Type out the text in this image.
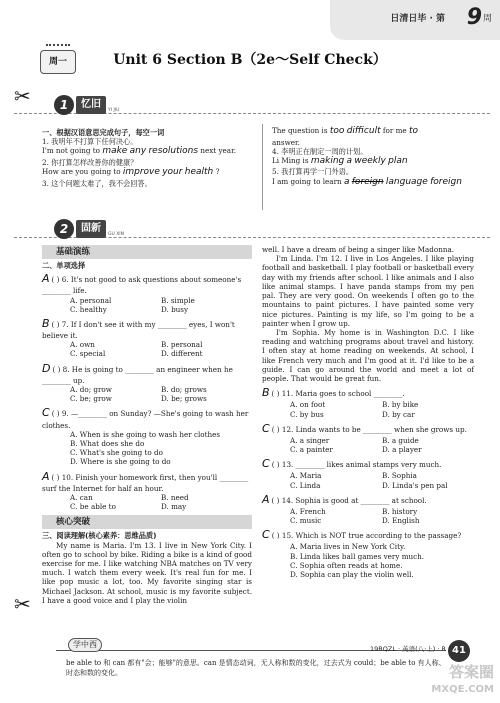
日清日毕 · 第 9 周
周一	Unit 6 Section B（2e～Self Check）
✂	1	忆旧
YI JIU
一、根据汉语意思完成句子，每空一词
1. 我明年不打算下任何决心。
I'm not going to make any resolutions next year.
2. 你打算怎样改善你的健康？
How are you going to improve your health ?
3. 这个问题太难了，我不会回答。
The question is too difficult for me to
answer.
4. 李明正在制定一周的计划。
Li Ming is making a weekly plan
5. 我打算再学一门外语。
I am going to learn a foreign language foreign
2	固新
GU XIN
基础演练
二、单项选择

A ( ) 6. It's not good to ask questions about someone's ________ life.

A. personal	B. simple
C. healthy	D. busy

B ( ) 7. If I don't see it with my ________ eyes, I won't believe it.

A. own	B. personal
C. special	D. different

D ( ) 8. He is going to ________ an engineer when he ________ up.

A. do; grow	B. do; grows
C. be; grow	D. be; grows

C ( ) 9. —________ on Sunday? —She's going to wash her clothes.

A. When is she going to wash her clothes
B. What does she do
C. What's she going to do
D. Where is she going to do

A ( ) 10. Finish your homework first, then you'll ________ surf the Internet for half an hour.

A. can	B. need
C. be able to	D. may
核心突破
三、阅读理解(核心素养：思维品质)
My name is Maria. I'm 13. I live in New York City. I often go to school by bike. Riding a bike is a kind of good exercise for me. I like watching NBA matches on TV very much. I watch them every week. It's real fun for me. I like pop music a lot, too. My favorite singing star is Michael Jackson. At school, music is my favorite subject. I have a good voice and I play the violin
✂
well. I have a dream of being a singer like Madonna.
I'm Linda. I'm 12. I live in Los Angeles. I like playing football and basketball. I play football or basketball every day with my friends after school. I like animals and I also like animal stamps. I have panda stamps from my pen pal. They are very good. On weekends I often go to the mountains to paint pictures. I have painted some very nice pictures. Painting is my life, so I'm going to be a painter when I grow up.
I'm Sophia. My home is in Washington D.C. I like reading and watching programs about travel and history. I often stay at home reading on weekends. At school, I like French very much and I'm good at it. I'd like to be a guide. I can go around the world and meet a lot of people. That would be great fun.

B ( ) 11. Maria goes to school ________.

A. on foot	B. by bike
C. by bus	D. by car

C ( ) 12. Linda wants to be ________ when she grows up.

A. a singer	B. a guide
C. a painter	D. a player

C ( ) 13. ________ likes animal stamps very much.

A. Maria	B. Sophia
C. Linda	D. Linda's pen pal

A ( ) 14. Sophia is good at ________ at school.

A. French	B. history
C. music	D. English

C ( ) 15. Which is NOT true according to the passage?

A. Maria lives in New York City.
B. Linda likes ball games very much.
C. Sophia often reads at home.
D. Sophia can play the violin well.
学中西	19RQZL · 英语(八·上) · R 41
be able to 和 can 都有"会；能够"的意思。can 是情态动词，无人称和数的变化，过去式为 could；be able to 有人称、时态和数的变化。	答案圈
MXQE.COM
